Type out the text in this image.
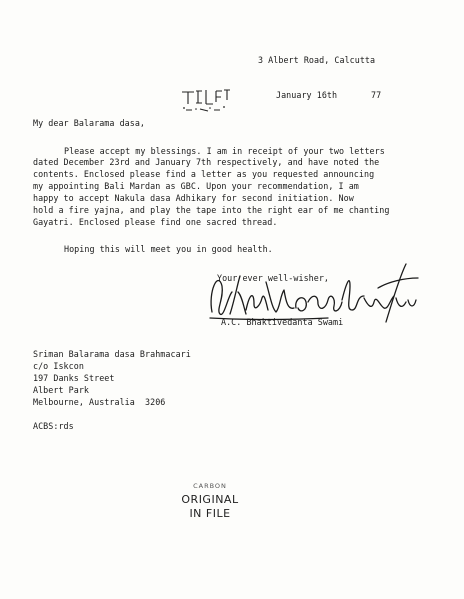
3 Albert Road, Calcutta
January 16th	77
My dear Balarama dasa,
Please accept my blessings. I am in receipt of your two letters
dated December 23rd and January 7th respectively, and have noted the
contents. Enclosed please find a letter as you requested announcing
my appointing Bali Mardan as GBC. Upon your recommendation, I am
happy to accept Nakula dasa Adhikary for second initiation. Now
hold a fire yajna, and play the tape into the right ear of me chanting
Gayatri. Enclosed please find one sacred thread.
Hoping this will meet you in good health.
Your ever well-wisher,
A.C. Bhaktivedanta Swami
Sriman Balarama dasa Brahmacari
c/o Iskcon
197 Danks Street
Albert Park
Melbourne, Australia  3206
ACBS:rds
CARBON
ORIGINAL
IN FILE
